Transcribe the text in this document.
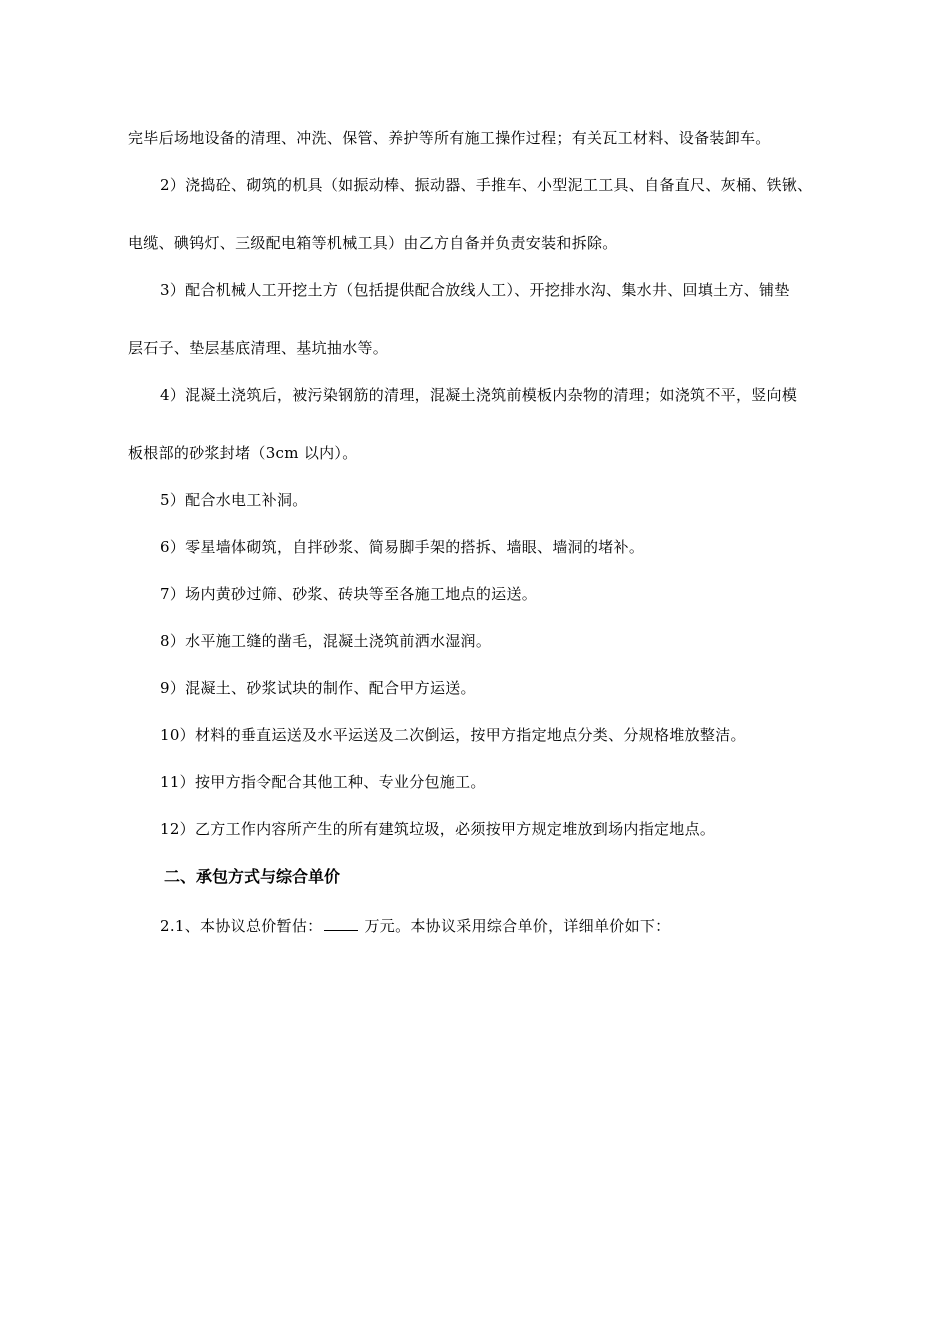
完毕后场地设备的清理、冲洗、保管、养护等所有施工操作过程；有关瓦工材料、设备装卸车。
2）浇捣砼、砌筑的机具（如振动棒、振动器、手推车、小型泥工工具、自备直尺、灰桶、铁锹、
电缆、碘钨灯、三级配电箱等机械工具）由乙方自备并负责安装和拆除。
3）配合机械人工开挖土方（包括提供配合放线人工）、开挖排水沟、集水井、回填土方、铺垫
层石子、垫层基底清理、基坑抽水等。
4）混凝土浇筑后，被污染钢筋的清理，混凝土浇筑前模板内杂物的清理；如浇筑不平，竖向模
板根部的砂浆封堵（3cm 以内）。
5）配合水电工补洞。
6）零星墙体砌筑，自拌砂浆、简易脚手架的搭拆、墙眼、墙洞的堵补。
7）场内黄砂过筛、砂浆、砖块等至各施工地点的运送。
8）水平施工缝的凿毛，混凝土浇筑前洒水湿润。
9）混凝土、砂浆试块的制作、配合甲方运送。
10）材料的垂直运送及水平运送及二次倒运，按甲方指定地点分类、分规格堆放整洁。
11）按甲方指令配合其他工种、专业分包施工。
12）乙方工作内容所产生的所有建筑垃圾，必须按甲方规定堆放到场内指定地点。
二、承包方式与综合单价
2.1、本协议总价暂估：	万元。本协议采用综合单价，详细单价如下：
